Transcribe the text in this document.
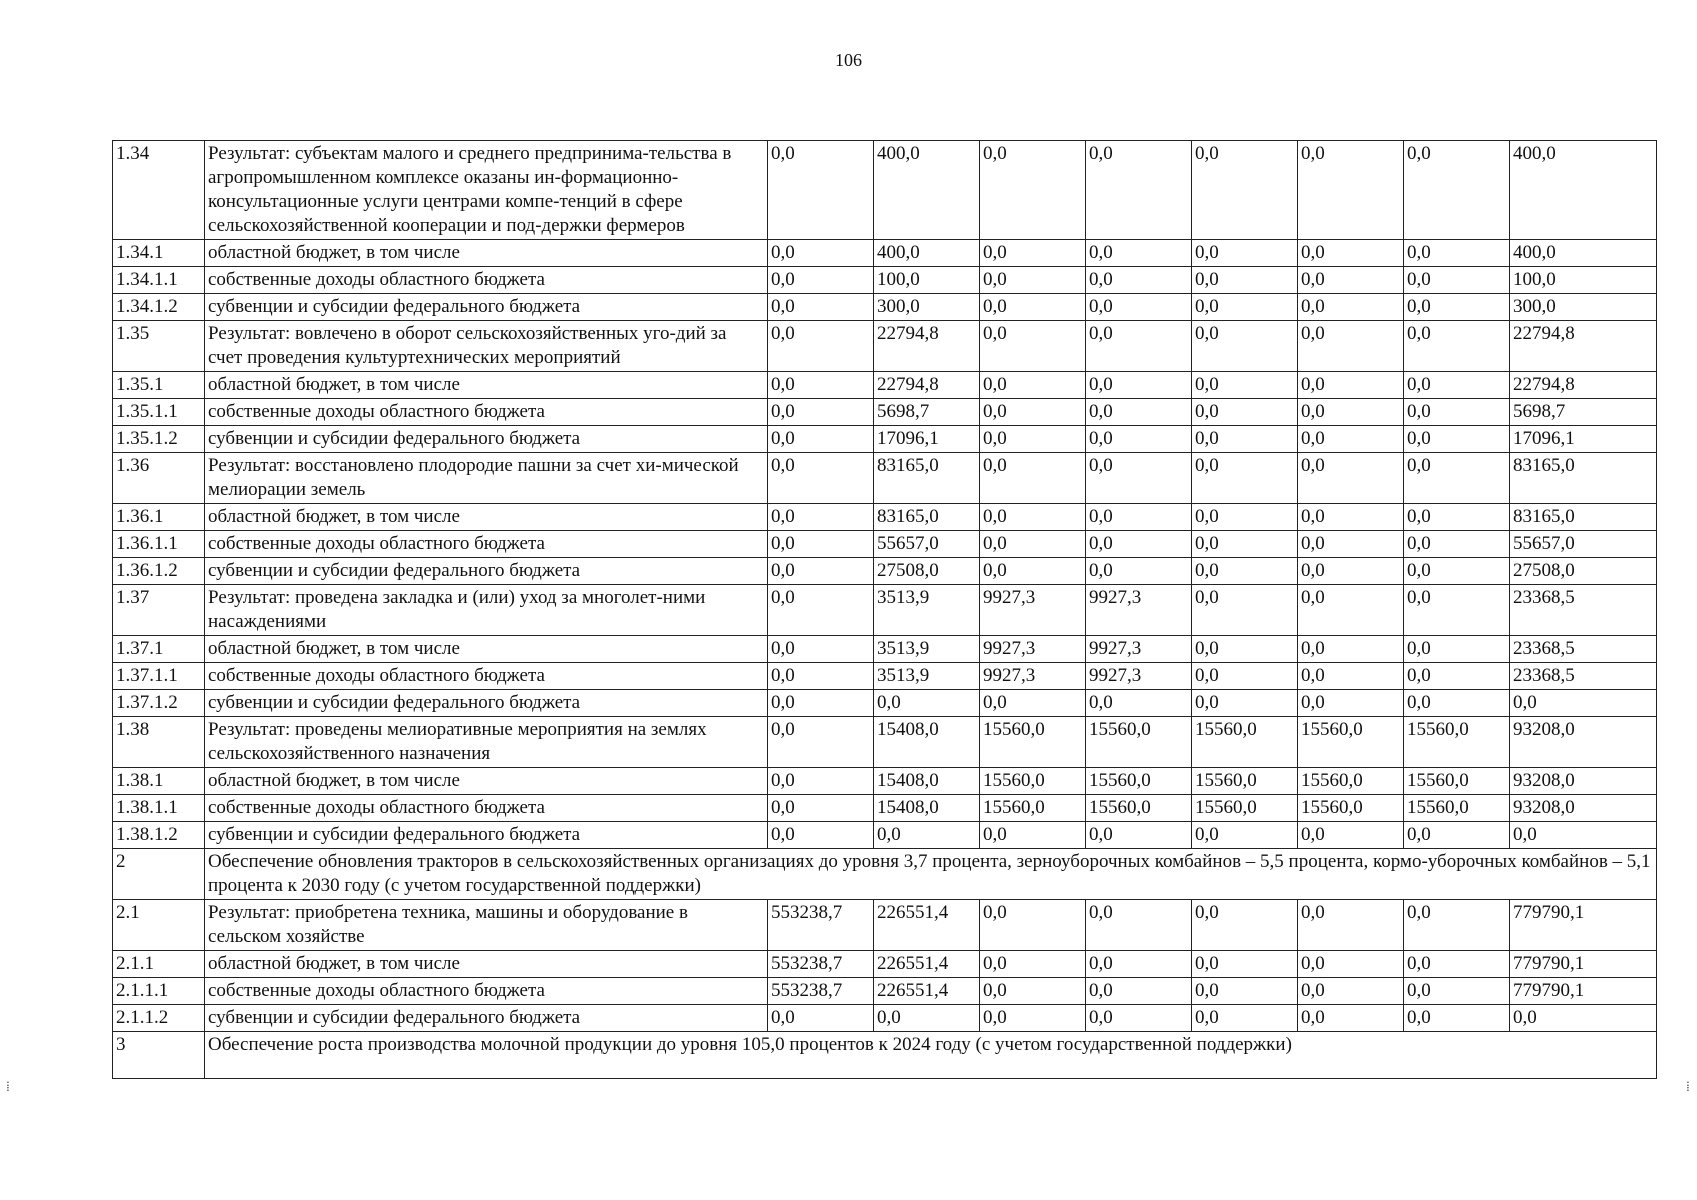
106
⁞	⁞
1.34	Результат: субъектам малого и среднего предпринима-тельства в агропромышленном комплексе оказаны ин-формационно-консультационные услуги центрами компе-тенций в сфере сельскохозяйственной кооперации и под-держки фермеров	0,0	400,0	0,0	0,0	0,0	0,0	0,0	400,0
1.34.1	областной бюджет, в том числе	0,0	400,0	0,0	0,0	0,0	0,0	0,0	400,0
1.34.1.1	собственные доходы областного бюджета	0,0	100,0	0,0	0,0	0,0	0,0	0,0	100,0
1.34.1.2	субвенции и субсидии федерального бюджета	0,0	300,0	0,0	0,0	0,0	0,0	0,0	300,0
1.35	Результат: вовлечено в оборот сельскохозяйственных уго-дий за счет проведения культуртехнических мероприятий	0,0	22794,8	0,0	0,0	0,0	0,0	0,0	22794,8
1.35.1	областной бюджет, в том числе	0,0	22794,8	0,0	0,0	0,0	0,0	0,0	22794,8
1.35.1.1	собственные доходы областного бюджета	0,0	5698,7	0,0	0,0	0,0	0,0	0,0	5698,7
1.35.1.2	субвенции и субсидии федерального бюджета	0,0	17096,1	0,0	0,0	0,0	0,0	0,0	17096,1
1.36	Результат: восстановлено плодородие пашни за счет хи-мической мелиорации земель	0,0	83165,0	0,0	0,0	0,0	0,0	0,0	83165,0
1.36.1	областной бюджет, в том числе	0,0	83165,0	0,0	0,0	0,0	0,0	0,0	83165,0
1.36.1.1	собственные доходы областного бюджета	0,0	55657,0	0,0	0,0	0,0	0,0	0,0	55657,0
1.36.1.2	субвенции и субсидии федерального бюджета	0,0	27508,0	0,0	0,0	0,0	0,0	0,0	27508,0
1.37	Результат: проведена закладка и (или) уход за многолет-ними насаждениями	0,0	3513,9	9927,3	9927,3	0,0	0,0	0,0	23368,5
1.37.1	областной бюджет, в том числе	0,0	3513,9	9927,3	9927,3	0,0	0,0	0,0	23368,5
1.37.1.1	собственные доходы областного бюджета	0,0	3513,9	9927,3	9927,3	0,0	0,0	0,0	23368,5
1.37.1.2	субвенции и субсидии федерального бюджета	0,0	0,0	0,0	0,0	0,0	0,0	0,0	0,0
1.38	Результат: проведены мелиоративные мероприятия на землях сельскохозяйственного назначения	0,0	15408,0	15560,0	15560,0	15560,0	15560,0	15560,0	93208,0
1.38.1	областной бюджет, в том числе	0,0	15408,0	15560,0	15560,0	15560,0	15560,0	15560,0	93208,0
1.38.1.1	собственные доходы областного бюджета	0,0	15408,0	15560,0	15560,0	15560,0	15560,0	15560,0	93208,0
1.38.1.2	субвенции и субсидии федерального бюджета	0,0	0,0	0,0	0,0	0,0	0,0	0,0	0,0
2	Обеспечение обновления тракторов в сельскохозяйственных организациях до уровня 3,7 процента, зерноуборочных комбайнов – 5,5 процента, кормо-уборочных комбайнов – 5,1 процента к 2030 году (с учетом государственной поддержки)								
2.1	Результат: приобретена техника, машины и оборудование в сельском хозяйстве	553238,7	226551,4	0,0	0,0	0,0	0,0	0,0	779790,1
2.1.1	областной бюджет, в том числе	553238,7	226551,4	0,0	0,0	0,0	0,0	0,0	779790,1
2.1.1.1	собственные доходы областного бюджета	553238,7	226551,4	0,0	0,0	0,0	0,0	0,0	779790,1
2.1.1.2	субвенции и субсидии федерального бюджета	0,0	0,0	0,0	0,0	0,0	0,0	0,0	0,0
3	Обеспечение роста производства молочной продукции до уровня 105,0 процентов к 2024 году (с учетом государственной поддержки)								
